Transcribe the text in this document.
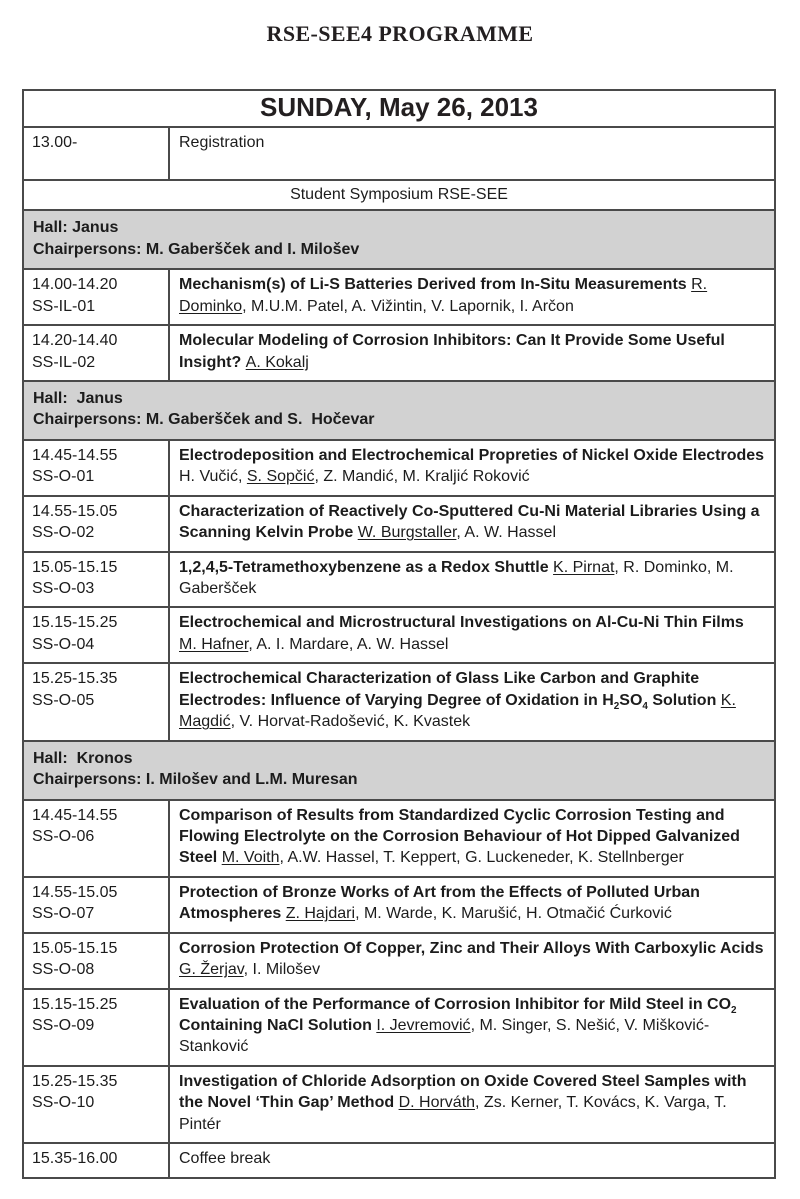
RSE-SEE4 PROGRAMME
SUNDAY, May 26, 2013	
13.00-	Registration
Student Symposium RSE-SEE	

Hall: Janus
Chairpersons: M. Gaberšček and I. Milošev	

14.00-14.20
SS-IL-01	Mechanism(s) of Li-S Batteries Derived from In-Situ Measurements R. Dominko, M.U.M. Patel, A. Vižintin, V. Lapornik, I. Arčon

14.20-14.40
SS-IL-02	Molecular Modeling of Corrosion Inhibitors: Can It Provide Some Useful Insight? A. Kokalj

Hall:  Janus
Chairpersons: M. Gaberšček and S.  Hočevar	

14.45-14.55
SS-O-01	Electrodeposition and Electrochemical Propreties of Nickel Oxide Electrodes H. Vučić, S. Sopčić, Z. Mandić, M. Kraljić Roković

14.55-15.05
SS-O-02	Characterization of Reactively Co-Sputtered Cu-Ni Material Libraries Using a Scanning Kelvin Probe W. Burgstaller, A. W. Hassel

15.05-15.15
SS-O-03	1,2,4,5-Tetramethoxybenzene as a Redox Shuttle K. Pirnat, R. Dominko, M. Gaberšček

15.15-15.25
SS-O-04	Electrochemical and Microstructural Investigations on Al-Cu-Ni Thin Films M. Hafner, A. I. Mardare, A. W. Hassel

15.25-15.35
SS-O-05	Electrochemical Characterization of Glass Like Carbon and Graphite Electrodes: Influence of Varying Degree of Oxidation in $H_2SO_4$ Solution K. Magdić, V. Horvat-Radošević, K. Kvastek

Hall:  Kronos
Chairpersons: I. Milošev and L.M. Muresan	

14.45-14.55
SS-O-06	Comparison of Results from Standardized Cyclic Corrosion Testing and Flowing Electrolyte on the Corrosion Behaviour of Hot Dipped Galvanized Steel M. Voith, A.W. Hassel, T. Keppert, G. Luckeneder, K. Stellnberger

14.55-15.05
SS-O-07	Protection of Bronze Works of Art from the Effects of Polluted Urban Atmospheres Z. Hajdari, M. Warde, K. Marušić, H. Otmačić Ćurković

15.05-15.15
SS-O-08	Corrosion Protection Of Copper, Zinc and Their Alloys With Carboxylic Acids G. Žerjav, I. Milošev

15.15-15.25
SS-O-09	Evaluation of the Performance of Corrosion Inhibitor for Mild Steel in $CO_2$ Containing NaCl Solution I. Jevremović, M. Singer, S. Nešić, V. Mišković-Stanković

15.25-15.35
SS-O-10	Investigation of Chloride Adsorption on Oxide Covered Steel Samples with the Novel ‘Thin Gap’ Method D. Horváth, Zs. Kerner, T. Kovács, K. Varga, T. Pintér
15.35-16.00	Coffee break
